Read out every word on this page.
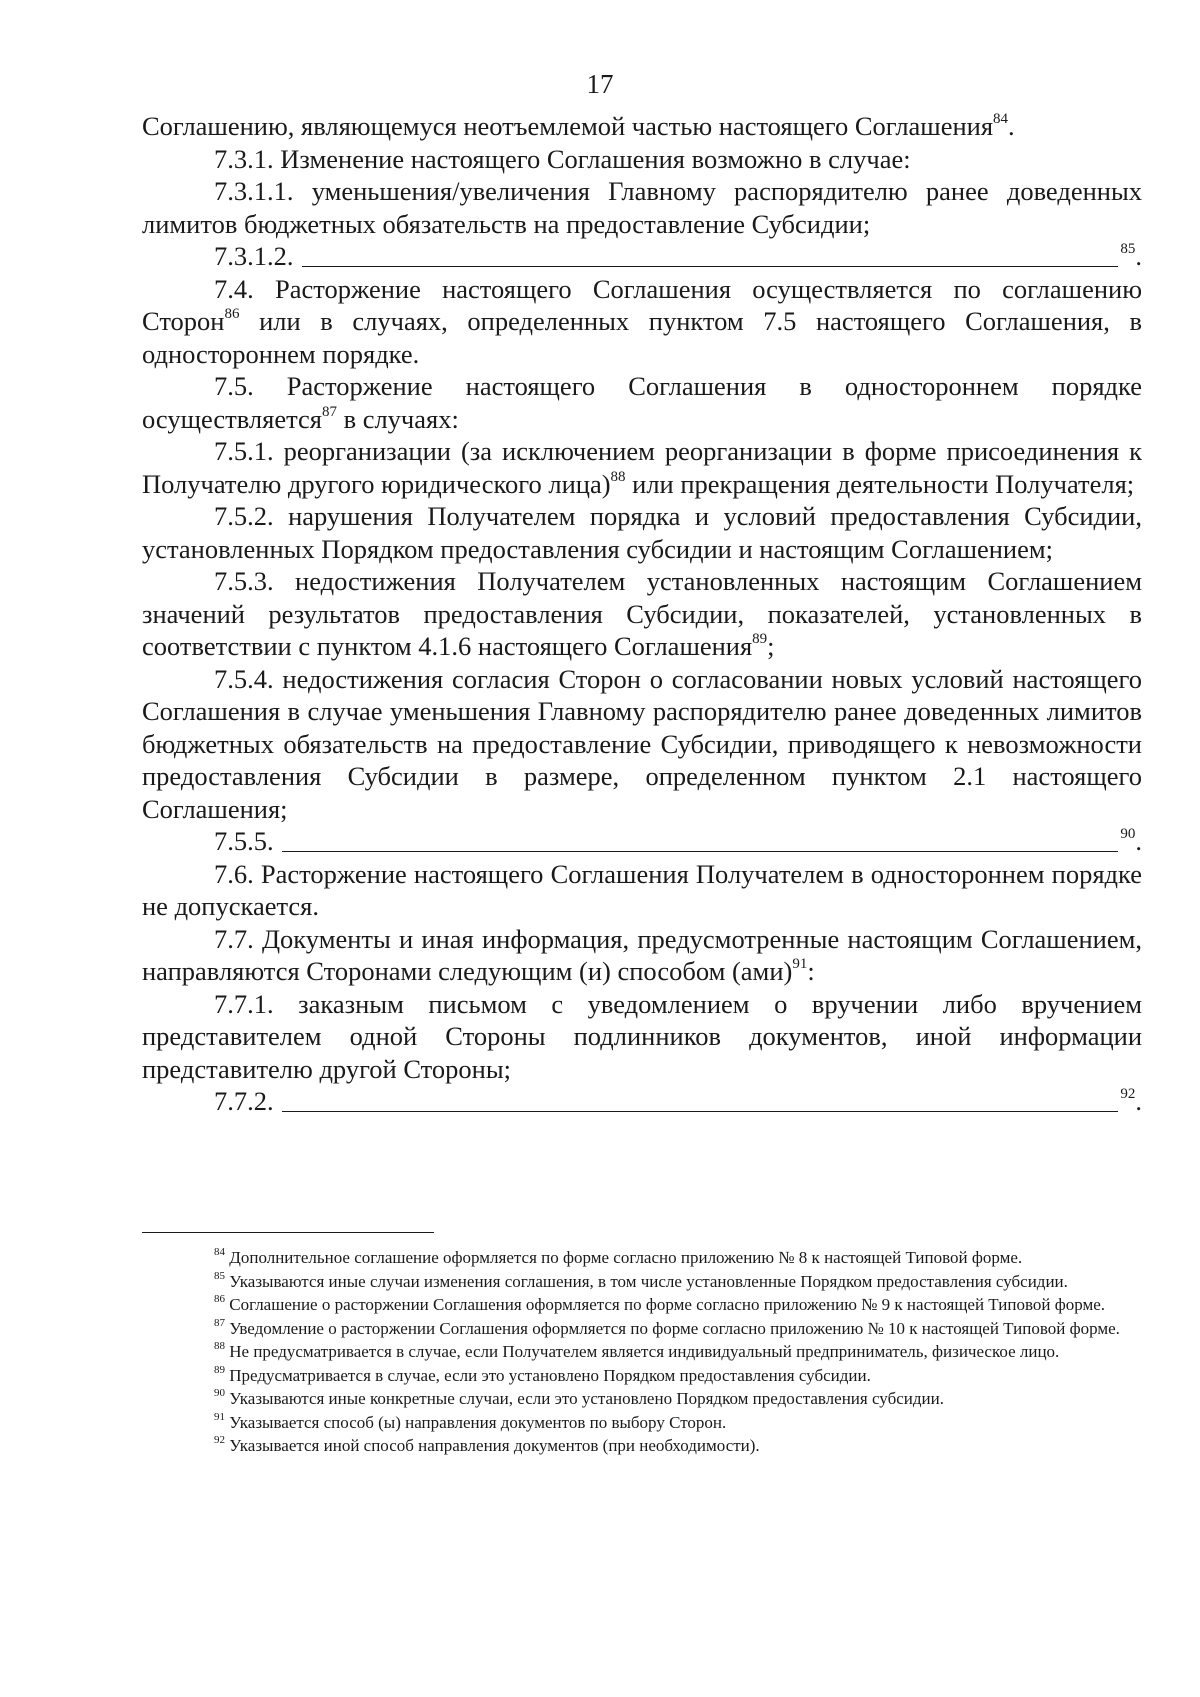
17

Соглашению, являющемуся неотъемлемой частью настоящего Соглашения$^{84}$.

7.3.1. Изменение настоящего Соглашения возможно в случае:

7.3.1.1. уменьшения/увеличения Главному распорядителю ранее доведенных лимитов бюджетных обязательств на предоставление Субсидии;

7.3.1.2.	$^{85}$.

7.4. Расторжение настоящего Соглашения осуществляется по соглашению Сторон$^{86}$ или в случаях, определенных пунктом 7.5 настоящего Соглашения, в одностороннем порядке.

7.5. Расторжение настоящего Соглашения в одностороннем порядке осуществляется$^{87}$ в случаях:

7.5.1. реорганизации (за исключением реорганизации в форме присоединения к Получателю другого юридического лица)$^{88}$ или прекращения деятельности Получателя;

7.5.2. нарушения Получателем порядка и условий предоставления Субсидии, установленных Порядком предоставления субсидии и настоящим Соглашением;

7.5.3. недостижения Получателем установленных настоящим Соглашением значений результатов предоставления Субсидии, показателей, установленных в соответствии с пунктом 4.1.6 настоящего Соглашения$^{89}$;

7.5.4. недостижения согласия Сторон о согласовании новых условий настоящего Соглашения в случае уменьшения Главному распорядителю ранее доведенных лимитов бюджетных обязательств на предоставление Субсидии, приводящего к невозможности предоставления Субсидии в размере, определенном пунктом 2.1 настоящего Соглашения;

7.5.5.	$^{90}$.

7.6. Расторжение настоящего Соглашения Получателем в одностороннем порядке не допускается.

7.7. Документы и иная информация, предусмотренные настоящим Соглашением, направляются Сторонами следующим (и) способом (ами)$^{91}$:

7.7.1. заказным письмом с уведомлением о вручении либо вручением представителем одной Стороны подлинников документов, иной информации представителю другой Стороны;

7.7.2.	$^{92}$.

$^{84}$ Дополнительное соглашение оформляется по форме согласно приложению № 8 к настоящей Типовой форме.

$^{85}$ Указываются иные случаи изменения соглашения, в том числе установленные Порядком предоставления субсидии.

$^{86}$ Соглашение о расторжении Соглашения оформляется по форме согласно приложению № 9 к настоящей Типовой форме.

$^{87}$ Уведомление о расторжении Соглашения оформляется по форме согласно приложению № 10 к настоящей Типовой форме.

$^{88}$ Не предусматривается в случае, если Получателем является индивидуальный предприниматель, физическое лицо.

$^{89}$ Предусматривается в случае, если это установлено Порядком предоставления субсидии.

$^{90}$ Указываются иные конкретные случаи, если это установлено Порядком предоставления субсидии.

$^{91}$ Указывается способ (ы) направления документов по выбору Сторон.

$^{92}$ Указывается иной способ направления документов (при необходимости).
